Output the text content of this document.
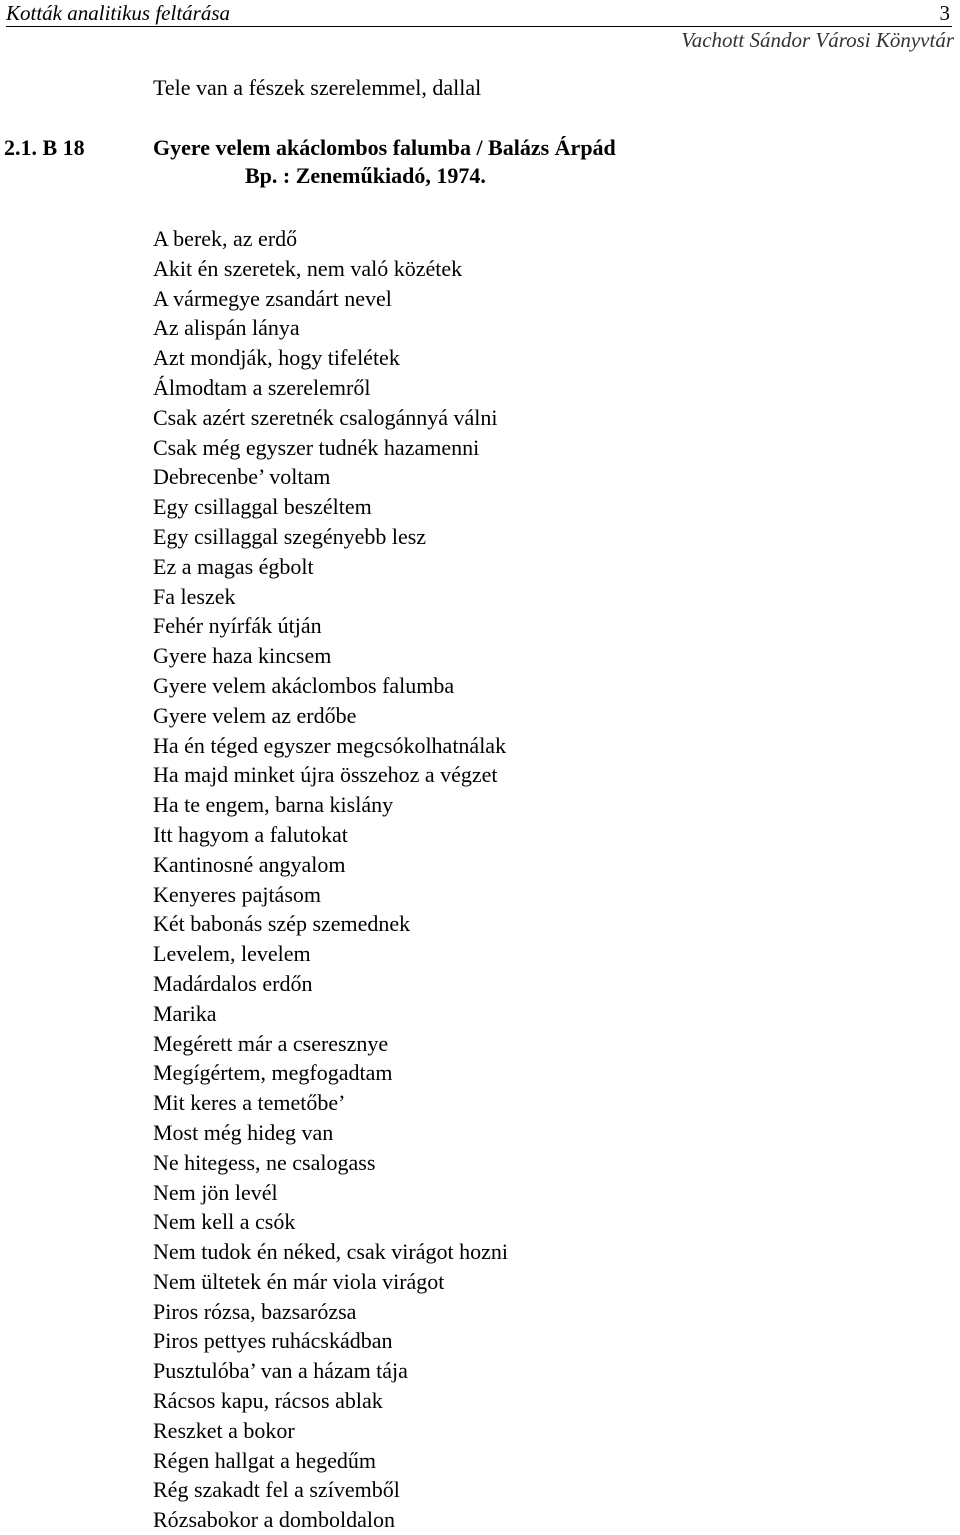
Kották analitikus feltárása	3
Vachott Sándor Városi Könyvtár
Tele van a fészek szerelemmel, dallal
2.1. B 18	Gyere velem akáclombos falumba / Balázs Árpád
Bp. : Zeneműkiadó, 1974.
A berek, az erdő
Akit én szeretek, nem való közétek
A vármegye zsandárt nevel
Az alispán lánya
Azt mondják, hogy tifelétek
Álmodtam a szerelemről
Csak azért szeretnék csalogánnyá válni
Csak még egyszer tudnék hazamenni
Debrecenbe’ voltam
Egy csillaggal beszéltem
Egy csillaggal szegényebb lesz
Ez a magas égbolt
Fa leszek
Fehér nyírfák útján
Gyere haza kincsem
Gyere velem akáclombos falumba
Gyere velem az erdőbe
Ha én téged egyszer megcsókolhatnálak
Ha majd minket újra összehoz a végzet
Ha te engem, barna kislány
Itt hagyom a falutokat
Kantinosné angyalom
Kenyeres pajtásom
Két babonás szép szemednek
Levelem, levelem
Madárdalos erdőn
Marika
Megérett már a cseresznye
Megígértem, megfogadtam
Mit keres a temetőbe’
Most még hideg van
Ne hitegess, ne csalogass
Nem jön levél
Nem kell a csók
Nem tudok én néked, csak virágot hozni
Nem ültetek én már viola virágot
Piros rózsa, bazsarózsa
Piros pettyes ruhácskádban
Pusztulóba’ van a házam tája
Rácsos kapu, rácsos ablak
Reszket a bokor
Régen hallgat a hegedűm
Rég szakadt fel a szívemből
Rózsabokor a domboldalon
